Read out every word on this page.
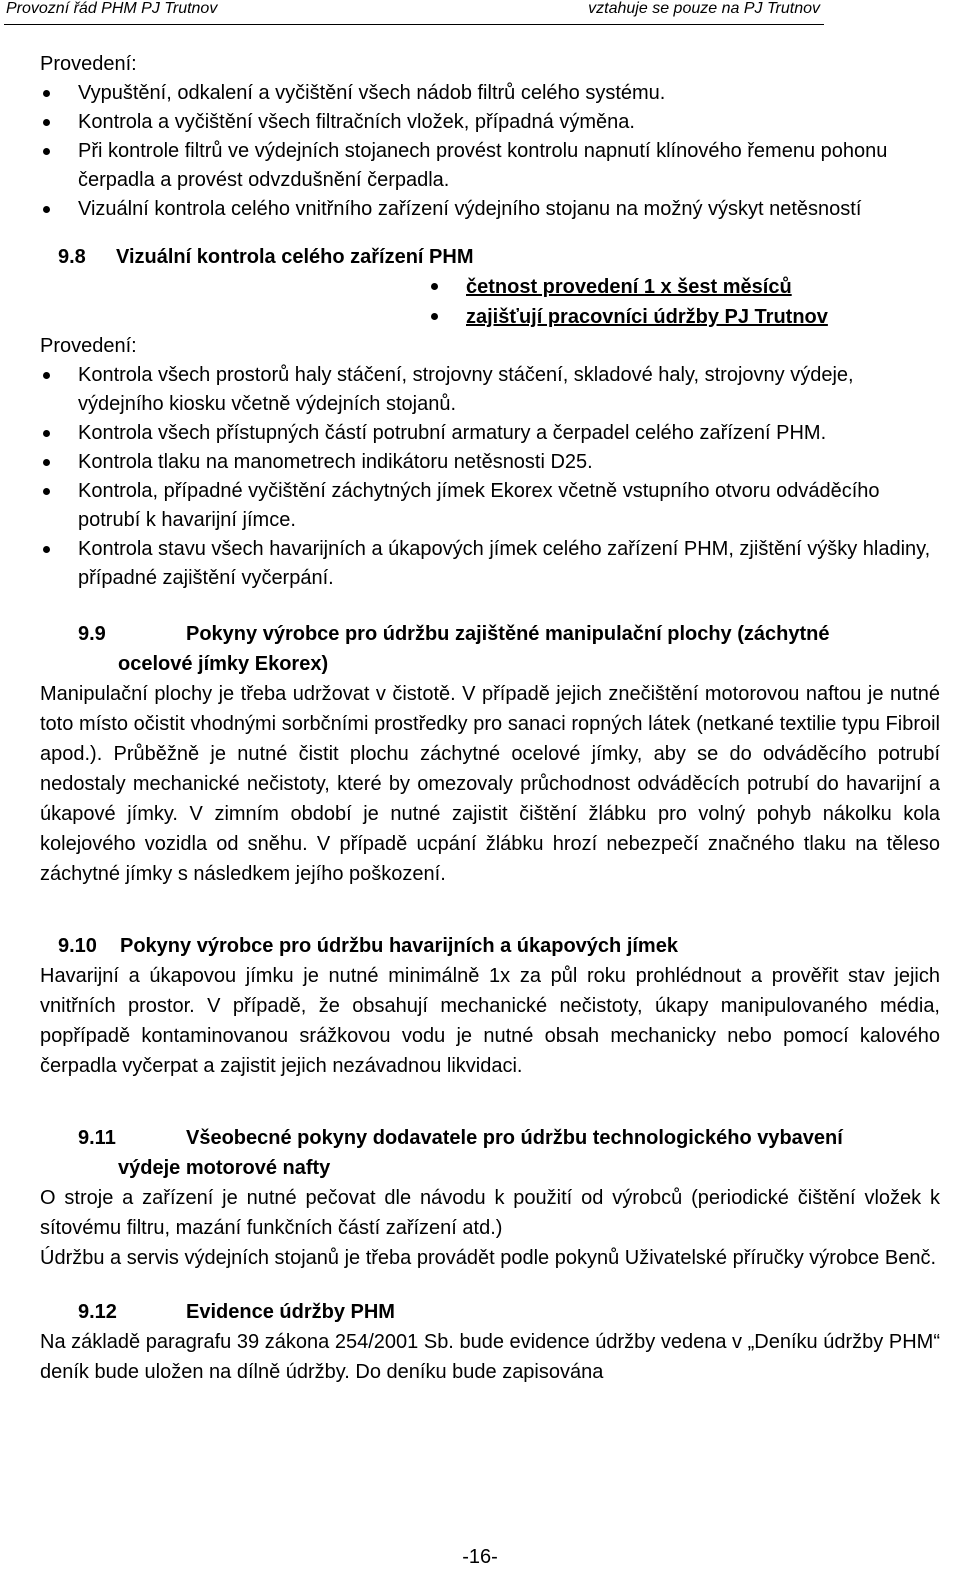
Provozní řád PHM PJ Trutnov	vztahuje se pouze na PJ Trutnov
Provedení:
Vypuštění, odkalení a vyčištění všech nádob filtrů celého systému.
Kontrola a vyčištění všech filtračních vložek, případná výměna.
Při kontrole filtrů ve výdejních stojanech provést kontrolu napnutí klínového řemenu pohonu čerpadla a provést odvzdušnění čerpadla.
Vizuální kontrola celého vnitřního zařízení výdejního stojanu na možný výskyt netěsností
9.8	Vizuální kontrola celého zařízení PHM
četnost provedení 1 x šest měsíců
zajišťují pracovníci údržby PJ Trutnov
Provedení:
Kontrola všech prostorů haly stáčení, strojovny stáčení, skladové haly, strojovny výdeje, výdejního kiosku včetně výdejních stojanů.
Kontrola všech přístupných částí potrubní armatury a čerpadel celého zařízení PHM.
Kontrola tlaku na manometrech indikátoru netěsnosti D25.
Kontrola, případné vyčištění záchytných jímek Ekorex včetně vstupního otvoru odváděcího potrubí k havarijní jímce.
Kontrola stavu všech havarijních a úkapových jímek celého zařízení PHM, zjištění výšky hladiny, případné zajištění vyčerpání.
9.9	Pokyny výrobce pro údržbu zajištěné manipulační plochy (záchytné
ocelové jímky Ekorex)
Manipulační plochy je třeba udržovat v čistotě. V případě jejich znečištění motorovou naftou je nutné toto místo očistit vhodnými sorbčními prostředky pro sanaci ropných látek (netkané textilie typu Fibroil apod.). Průběžně je nutné čistit plochu záchytné ocelové jímky, aby se do odváděcího potrubí nedostaly mechanické nečistoty, které by omezovaly průchodnost odváděcích potrubí do havarijní a úkapové jímky. V zimním období je nutné zajistit čištění žlábku pro volný pohyb nákolku kola kolejového vozidla od sněhu. V případě ucpání žlábku hrozí nebezpečí značného tlaku na těleso záchytné jímky s následkem jejího poškození.
9.10	Pokyny výrobce pro údržbu havarijních a úkapových jímek
Havarijní a úkapovou jímku je nutné minimálně 1x za půl roku prohlédnout a prověřit stav jejich vnitřních prostor. V případě, že obsahují mechanické nečistoty, úkapy manipulovaného média, popřípadě kontaminovanou srážkovou vodu je nutné obsah mechanicky nebo pomocí kalového čerpadla vyčerpat a zajistit jejich nezávadnou likvidaci.
9.11	Všeobecné pokyny dodavatele pro údržbu technologického vybavení
výdeje motorové nafty
O stroje a zařízení je nutné pečovat dle návodu k použití od výrobců (periodické čištění vložek k sítovému filtru, mazání funkčních částí zařízení atd.)
Údržbu a servis výdejních stojanů je třeba provádět podle pokynů Uživatelské příručky výrobce Benč.
9.12	Evidence údržby PHM
Na základě paragrafu 39 zákona 254/2001 Sb. bude evidence údržby vedena v „Deníku údržby PHM“ deník bude uložen na dílně údržby. Do deníku bude zapisována
-16-
